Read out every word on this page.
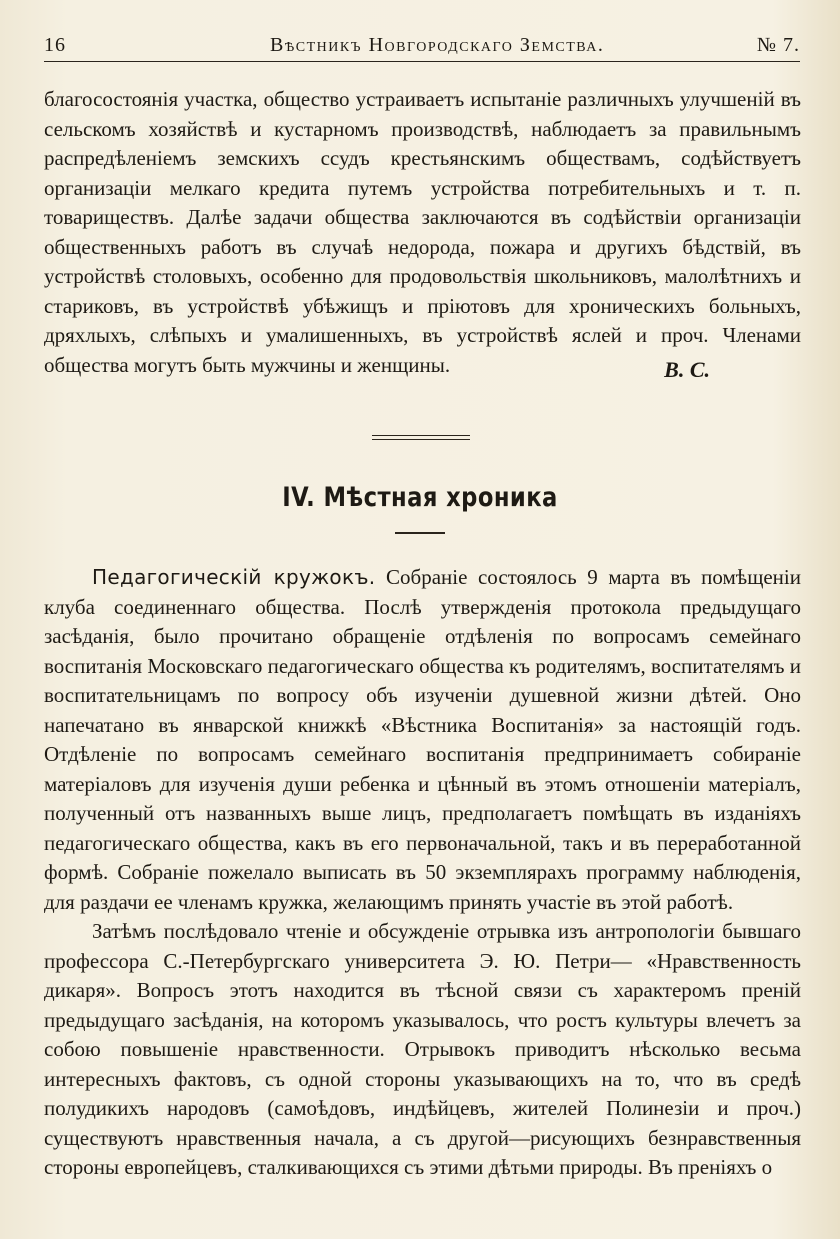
16	Вѣстникъ Новгородскаго Земства.	№ 7.

благосостоянія участка, общество устраиваетъ испытаніе различныхъ улучшеній въ сельскомъ хозяйствѣ и кустарномъ производствѣ, наблюдаетъ за правильнымъ распредѣленіемъ земскихъ ссудъ крестьянскимъ обществамъ, содѣйствуетъ организаціи мелкаго кредита путемъ устройства потребительныхъ и т. п. товариществъ. Далѣе задачи общества заключаются въ содѣйствіи организаціи общественныхъ работъ въ случаѣ недорода, пожара и другихъ бѣдствій, въ устройствѣ столовыхъ, особенно для продовольствія школьниковъ, малолѣтнихъ и стариковъ, въ устройствѣ убѣжищъ и пріютовъ для хроническихъ больныхъ, дряхлыхъ, слѣпыхъ и умалишенныхъ, въ устройствѣ яслей и проч. Членами общества могутъ быть мужчины и женщины.	В. С.
IV. Мѣстная хроника

Педагогическій кружокъ. Собраніе состоялось 9 марта въ помѣщеніи клуба соединеннаго общества. Послѣ утвержденія протокола предыдущаго засѣданія, было прочитано обращеніе отдѣленія по вопросамъ семейнаго воспитанія Московскаго педагогическаго общества къ родителямъ, воспитателямъ и воспитательницамъ по вопросу объ изученіи душевной жизни дѣтей. Оно напечатано въ январской книжкѣ «Вѣстника Воспитанія» за настоящій годъ. Отдѣленіе по вопросамъ семейнаго воспитанія предпринимаетъ собираніе матеріаловъ для изученія души ребенка и цѣнный въ этомъ отношеніи матеріалъ, полученный отъ названныхъ выше лицъ, предполагаетъ помѣщать въ изданіяхъ педагогическаго общества, какъ въ его первоначальной, такъ и въ переработанной формѣ. Собраніе пожелало выписать въ 50 экземплярахъ программу наблюденія, для раздачи ее членамъ кружка, желающимъ принять участіе въ этой работѣ.

Затѣмъ послѣдовало чтеніе и обсужденіе отрывка изъ антропологіи бывшаго профессора С.-Петербургскаго университета Э. Ю. Петри— «Нравственность дикаря». Вопросъ этотъ находится въ тѣсной связи съ характеромъ преній предыдущаго засѣданія, на которомъ указывалось, что ростъ культуры влечетъ за собою повышеніе нравственности. Отрывокъ приводитъ нѣсколько весьма интересныхъ фактовъ, съ одной стороны указывающихъ на то, что въ средѣ полудикихъ народовъ (самоѣдовъ, индѣйцевъ, жителей Полинезіи и проч.) существуютъ нравственныя начала, а съ другой—рисующихъ безнравственныя стороны европейцевъ, сталкивающихся съ этими дѣтьми природы. Въ преніяхъ о
